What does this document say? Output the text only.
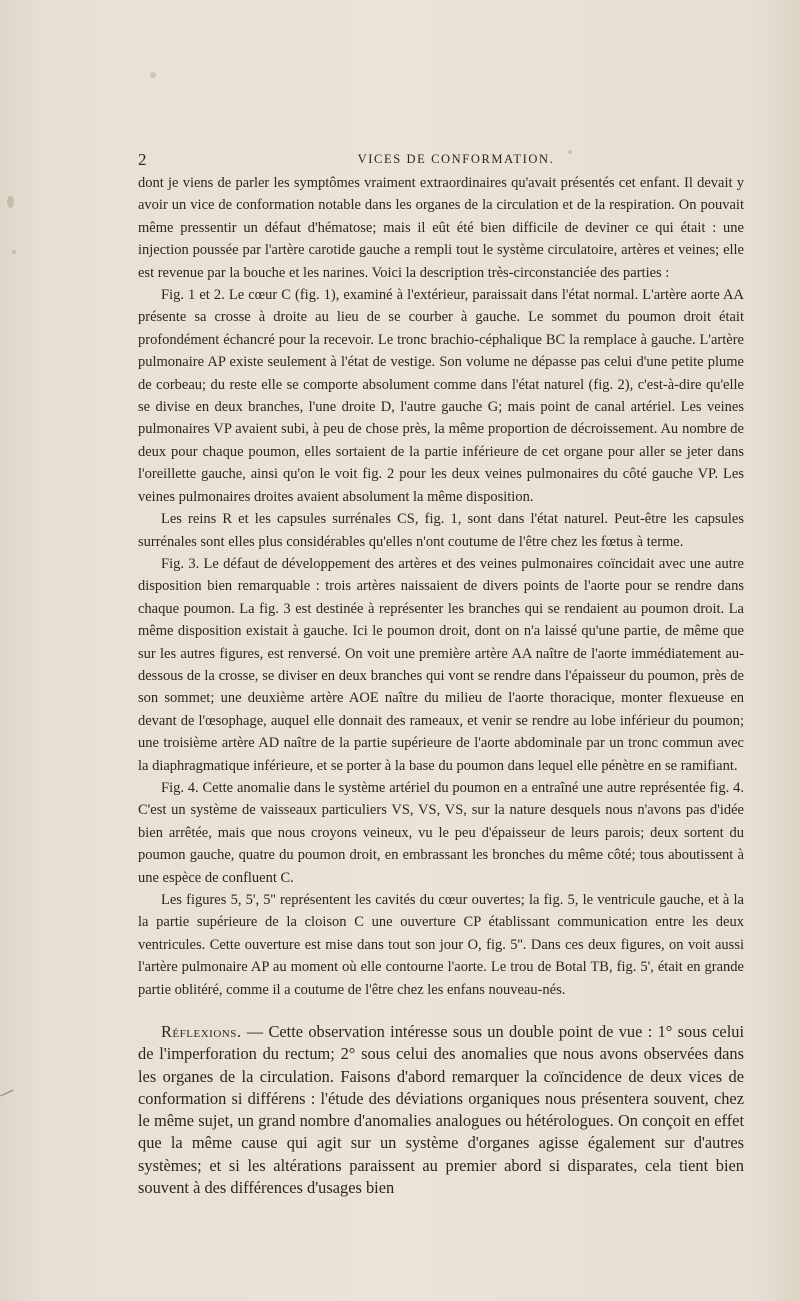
2	VICES DE CONFORMATION.

dont je viens de parler les symptômes vraiment extraordinaires qu'avait présentés cet enfant. Il devait y avoir un vice de conformation notable dans les organes de la circulation et de la respiration. On pouvait même pressentir un défaut d'hématose; mais il eût été bien difficile de deviner ce qui était : une injection poussée par l'artère carotide gauche a rempli tout le système circulatoire, artères et veines; elle est revenue par la bouche et les narines. Voici la description très-circonstanciée des parties :

Fig. 1 et 2. Le cœur C (fig. 1), examiné à l'extérieur, paraissait dans l'état normal. L'artère aorte AA présente sa crosse à droite au lieu de se courber à gauche. Le sommet du poumon droit était profondément échancré pour la recevoir. Le tronc brachio-céphalique BC la remplace à gauche. L'artère pulmonaire AP existe seulement à l'état de vestige. Son volume ne dépasse pas celui d'une petite plume de corbeau; du reste elle se comporte absolument comme dans l'état naturel (fig. 2), c'est-à-dire qu'elle se divise en deux branches, l'une droite D, l'autre gauche G; mais point de canal artériel. Les veines pulmonaires VP avaient subi, à peu de chose près, la même proportion de décroissement. Au nombre de deux pour chaque poumon, elles sortaient de la partie inférieure de cet organe pour aller se jeter dans l'oreillette gauche, ainsi qu'on le voit fig. 2 pour les deux veines pulmonaires du côté gauche VP. Les veines pulmonaires droites avaient absolument la même disposition.

Les reins R et les capsules surrénales CS, fig. 1, sont dans l'état naturel. Peut-être les capsules surrénales sont elles plus considérables qu'elles n'ont coutume de l'être chez les fœtus à terme.

Fig. 3. Le défaut de développement des artères et des veines pulmonaires coïncidait avec une autre disposition bien remarquable : trois artères naissaient de divers points de l'aorte pour se rendre dans chaque poumon. La fig. 3 est destinée à représenter les branches qui se rendaient au poumon droit. La même disposition existait à gauche. Ici le poumon droit, dont on n'a laissé qu'une partie, de même que sur les autres figures, est renversé. On voit une première artère AA naître de l'aorte immédiatement au-dessous de la crosse, se diviser en deux branches qui vont se rendre dans l'épaisseur du poumon, près de son sommet; une deuxième artère AOE naître du milieu de l'aorte thoracique, monter flexueuse en devant de l'œsophage, auquel elle donnait des rameaux, et venir se rendre au lobe inférieur du poumon; une troisième artère AD naître de la partie supérieure de l'aorte abdominale par un tronc commun avec la diaphragmatique inférieure, et se porter à la base du poumon dans lequel elle pénètre en se ramifiant.

Fig. 4. Cette anomalie dans le système artériel du poumon en a entraîné une autre représentée fig. 4. C'est un système de vaisseaux particuliers VS, VS, VS, sur la nature desquels nous n'avons pas d'idée bien arrêtée, mais que nous croyons veineux, vu le peu d'épaisseur de leurs parois; deux sortent du poumon gauche, quatre du poumon droit, en embrassant les bronches du même côté; tous aboutissent à une espèce de confluent C.

Les figures 5, 5', 5'' représentent les cavités du cœur ouvertes; la fig. 5, le ventricule gauche, et à la la partie supérieure de la cloison C une ouverture CP établissant communication entre les deux ventricules. Cette ouverture est mise dans tout son jour O, fig. 5''. Dans ces deux figures, on voit aussi l'artère pulmonaire AP au moment où elle contourne l'aorte. Le trou de Botal TB, fig. 5', était en grande partie oblitéré, comme il a coutume de l'être chez les enfans nouveau-nés.

Réflexions. — Cette observation intéresse sous un double point de vue : 1° sous celui de l'imperforation du rectum; 2° sous celui des anomalies que nous avons observées dans les organes de la circulation. Faisons d'abord remarquer la coïncidence de deux vices de conformation si différens : l'étude des déviations organiques nous présentera souvent, chez le même sujet, un grand nombre d'anomalies analogues ou hétérologues. On conçoit en effet que la même cause qui agit sur un système d'organes agisse également sur d'autres systèmes; et si les altérations paraissent au premier abord si disparates, cela tient bien souvent à des différences d'usages bien
